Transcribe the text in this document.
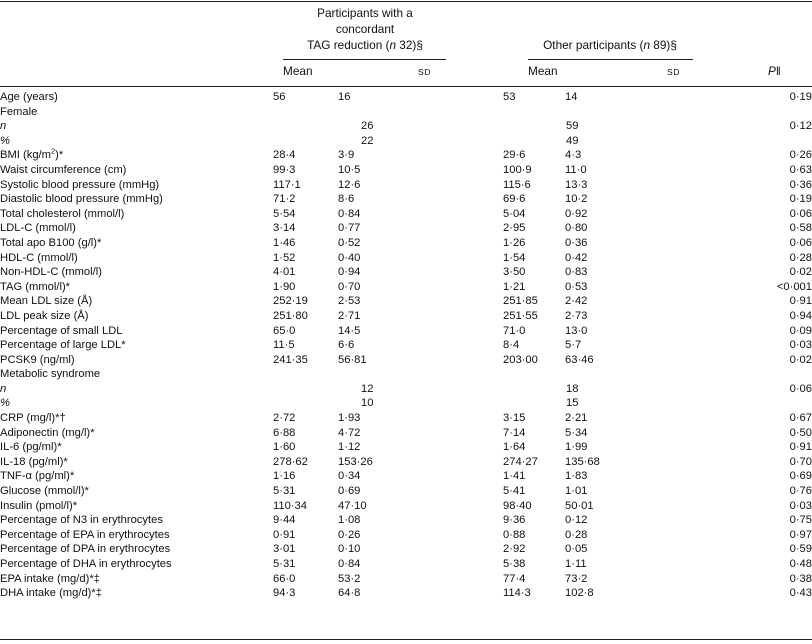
Participants with a
concordant
TAG reduction (n 32)§	Other participants (n 89)§
Mean	SD	Mean	SD	P‖
Age (years)	56	16	53	14	0·19
Female					
n		26		59	0·12
%		22		49	
BMI $(kg/m^2)*$	28·4	3·9	29·6	4·3	0·26
Waist circumference (cm)	99·3	10·5	100·9	11·0	0·63
Systolic blood pressure (mmHg)	117·1	12·6	115·6	13·3	0·36
Diastolic blood pressure (mmHg)	71·2	8·6	69·6	10·2	0·19
Total cholesterol (mmol/l)	5·54	0·84	5·04	0·92	0·06
LDL-C (mmol/l)	3·14	0·77	2·95	0·80	0·58
Total apo B100 (g/l)*	1·46	0·52	1·26	0·36	0·06
HDL-C (mmol/l)	1·52	0·40	1·54	0·42	0·28
Non-HDL-C (mmol/l)	4·01	0·94	3·50	0·83	0·02
TAG (mmol/l)*	1·90	0·70	1·21	0·53	<0·001
Mean LDL size (Å)	252·19	2·53	251·85	2·42	0·91
LDL peak size (Å)	251·80	2·71	251·55	2·73	0·94
Percentage of small LDL	65·0	14·5	71·0	13·0	0·09
Percentage of large LDL*	11·5	6·6	8·4	5·7	0·03
PCSK9 (ng/ml)	241·35	56·81	203·00	63·46	0·02
Metabolic syndrome					
n		12		18	0·06
%		10		15	
CRP (mg/l)*†	2·72	1·93	3·15	2·21	0·67
Adiponectin (mg/l)*	6·88	4·72	7·14	5·34	0·50
IL-6 (pg/ml)*	1·60	1·12	1·64	1·99	0·91
IL-18 (pg/ml)*	278·62	153·26	274·27	135·68	0·70
TNF-α (pg/ml)*	1·16	0·34	1·41	1·83	0·69
Glucose (mmol/l)*	5·31	0·69	5·41	1·01	0·76
Insulin (pmol/l)*	110·34	47·10	98·40	50·01	0·03
Percentage of N3 in erythrocytes	9·44	1·08	9·36	0·12	0·75
Percentage of EPA in erythrocytes	0·91	0·26	0·88	0·28	0·97
Percentage of DPA in erythrocytes	3·01	0·10	2·92	0·05	0·59
Percentage of DHA in erythrocytes	5·31	0·84	5·38	1·11	0·48
EPA intake (mg/d)*‡	66·0	53·2	77·4	73·2	0·38
DHA intake (mg/d)*‡	94·3	64·8	114·3	102·8	0·43
